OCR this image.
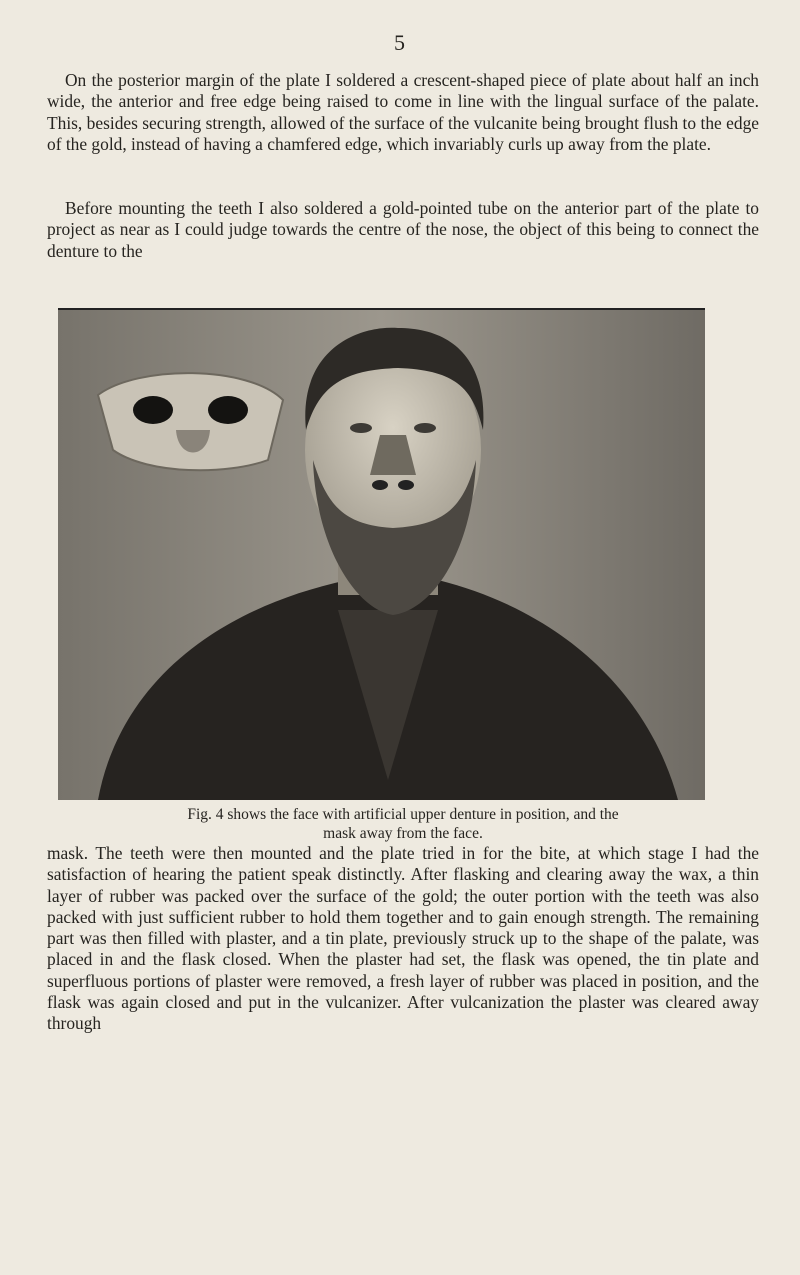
5

On the posterior margin of the plate I soldered a crescent-shaped piece of plate about half an inch wide, the anterior and free edge being raised to come in line with the lingual surface of the palate. This, besides securing strength, allowed of the surface of the vulcanite being brought flush to the edge of the gold, instead of having a chamfered edge, which invariably curls up away from the plate.

Before mounting the teeth I also soldered a gold-pointed tube on the anterior part of the plate to project as near as I could judge towards the centre of the nose, the object of this being to connect the denture to the

Fig. 4 shows the face with artificial upper denture in position, and the
mask away from the face.

mask. The teeth were then mounted and the plate tried in for the bite, at which stage I had the satisfaction of hearing the patient speak distinctly. After flasking and clearing away the wax, a thin layer of rubber was packed over the surface of the gold; the outer portion with the teeth was also packed with just sufficient rubber to hold them together and to gain enough strength. The remaining part was then filled with plaster, and a tin plate, previously struck up to the shape of the palate, was placed in and the flask closed. When the plaster had set, the flask was opened, the tin plate and superfluous portions of plaster were removed, a fresh layer of rubber was placed in position, and the flask was again closed and put in the vulcanizer. After vulcanization the plaster was cleared away through
